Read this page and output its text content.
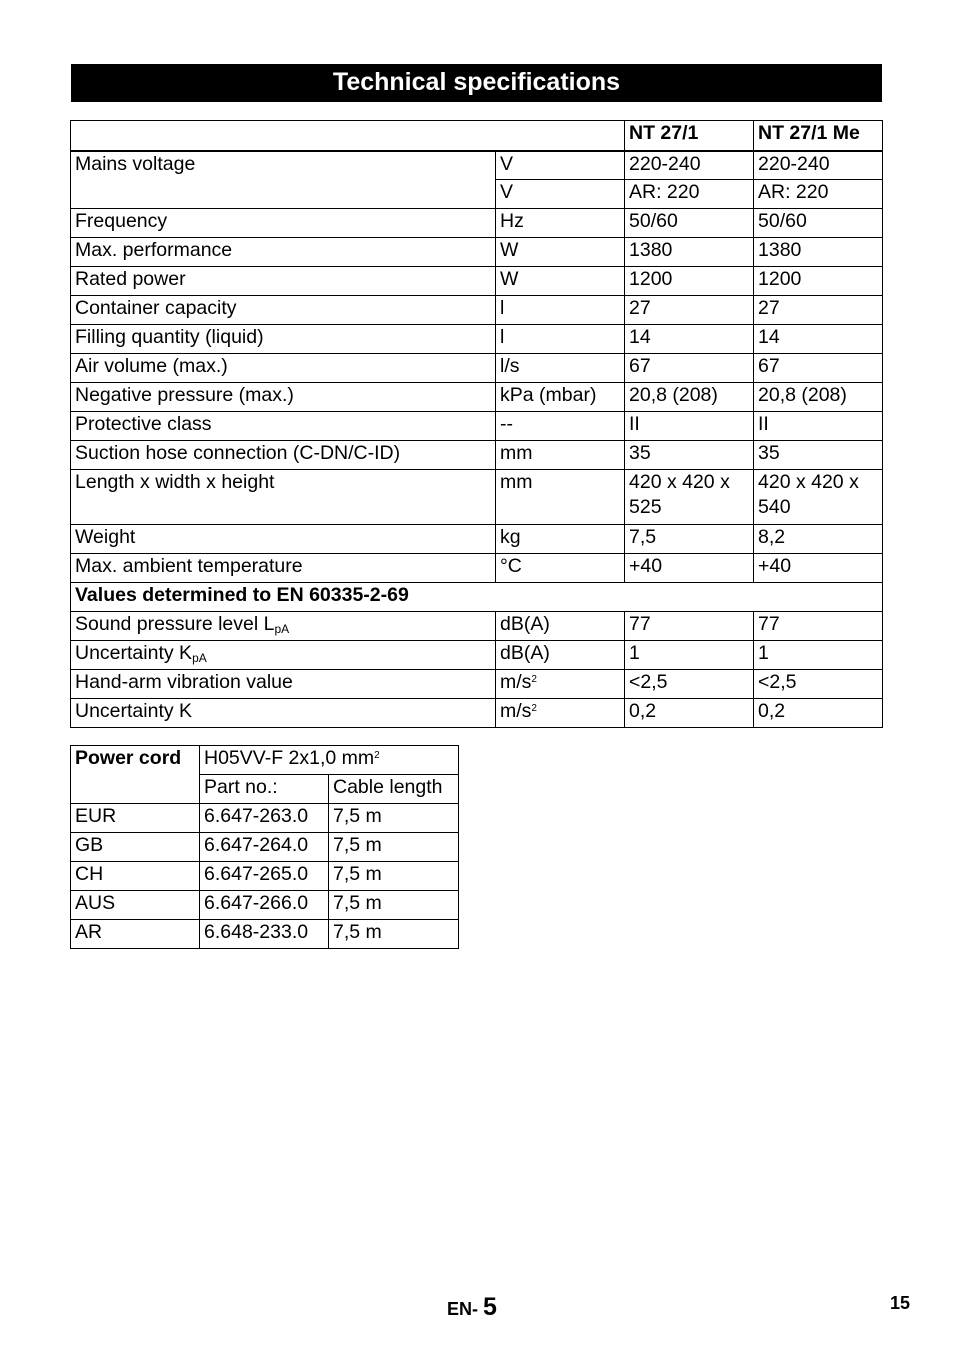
Technical specifications
		NT 27/1	NT 27/1 Me
Mains voltage	V	220-240	220-240
	V	AR: 220	AR: 220
Frequency	Hz	50/60	50/60
Max. performance	W	1380	1380
Rated power	W	1200	1200
Container capacity	l	27	27
Filling quantity (liquid)	l	14	14
Air volume (max.)	l/s	67	67
Negative pressure (max.)	kPa (mbar)	20,8 (208)	20,8 (208)
Protective class	--	II	II
Suction hose connection (C-DN/C-ID)	mm	35	35
Length x width x height	mm	420 x 420 x 525	420 x 420 x 540
Weight	kg	7,5	8,2
Max. ambient temperature	°C	+40	+40
Values determined to EN 60335-2-69			
Sound pressure level $L_{pA}$	dB(A)	77	77
Uncertainty $K_{pA}$	dB(A)	1	1
Hand-arm vibration value	$m/s^2$	<2,5	<2,5
Uncertainty K	$m/s^2$	0,2	0,2
Power cord	H05VV-F 2x1,0 $mm^2$
	Part no.:	Cable length
EUR	6.647-263.0	7,5 m
GB	6.647-264.0	7,5 m
CH	6.647-265.0	7,5 m
AUS	6.647-266.0	7,5 m
AR	6.648-233.0	7,5 m
EN- 5	15
